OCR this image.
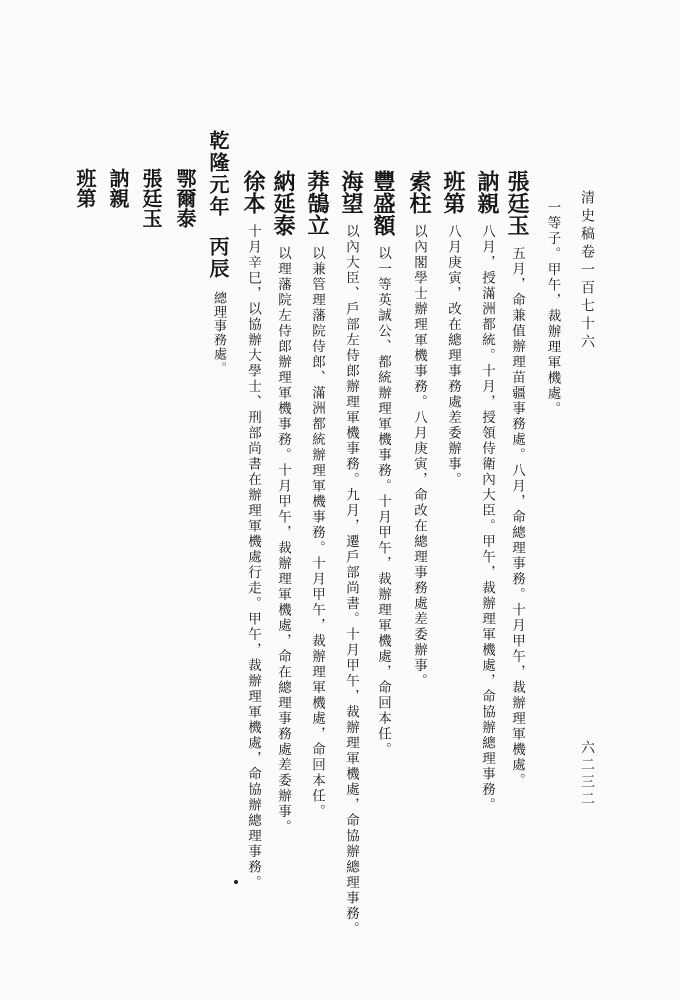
清史稿卷一百七十六
六二三二
一等子。甲午，裁辦理軍機處。
張廷玉 五月，命兼值辦理苗疆事務處。八月，命總理事務。十月甲午，裁辦理軍機處。
訥親 八月，授滿洲都統。十月，授領侍衛內大臣。甲午，裁辦理軍機處，命協辦總理事務。
班第 八月庚寅，改在總理事務處差委辦事。
索柱 以內閣學士辦理軍機事務。八月庚寅，命改在總理事務處差委辦事。
豐盛額 以一等英誠公、都統辦理軍機事務。十月甲午，裁辦理軍機處，命回本任。
海望 以內大臣、戶部左侍郎辦理軍機事務。九月，遷戶部尚書。十月甲午，裁辦理軍機處，命協辦總理事務。
莽鵠立 以兼管理藩院侍郎、滿洲都統辦理軍機事務。十月甲午，裁辦理軍機處，命回本任。
納延泰 以理藩院左侍郎辦理軍機事務。十月甲午，裁辦理軍機處，命在總理事務處差委辦事。
徐本 十月辛巳，以協辦大學士、刑部尚書在辦理軍機處行走。甲午，裁辦理軍機處，命協辦總理事務。
乾隆元年 丙辰 總理事務處。
鄂爾泰
張廷玉
訥親
班第
